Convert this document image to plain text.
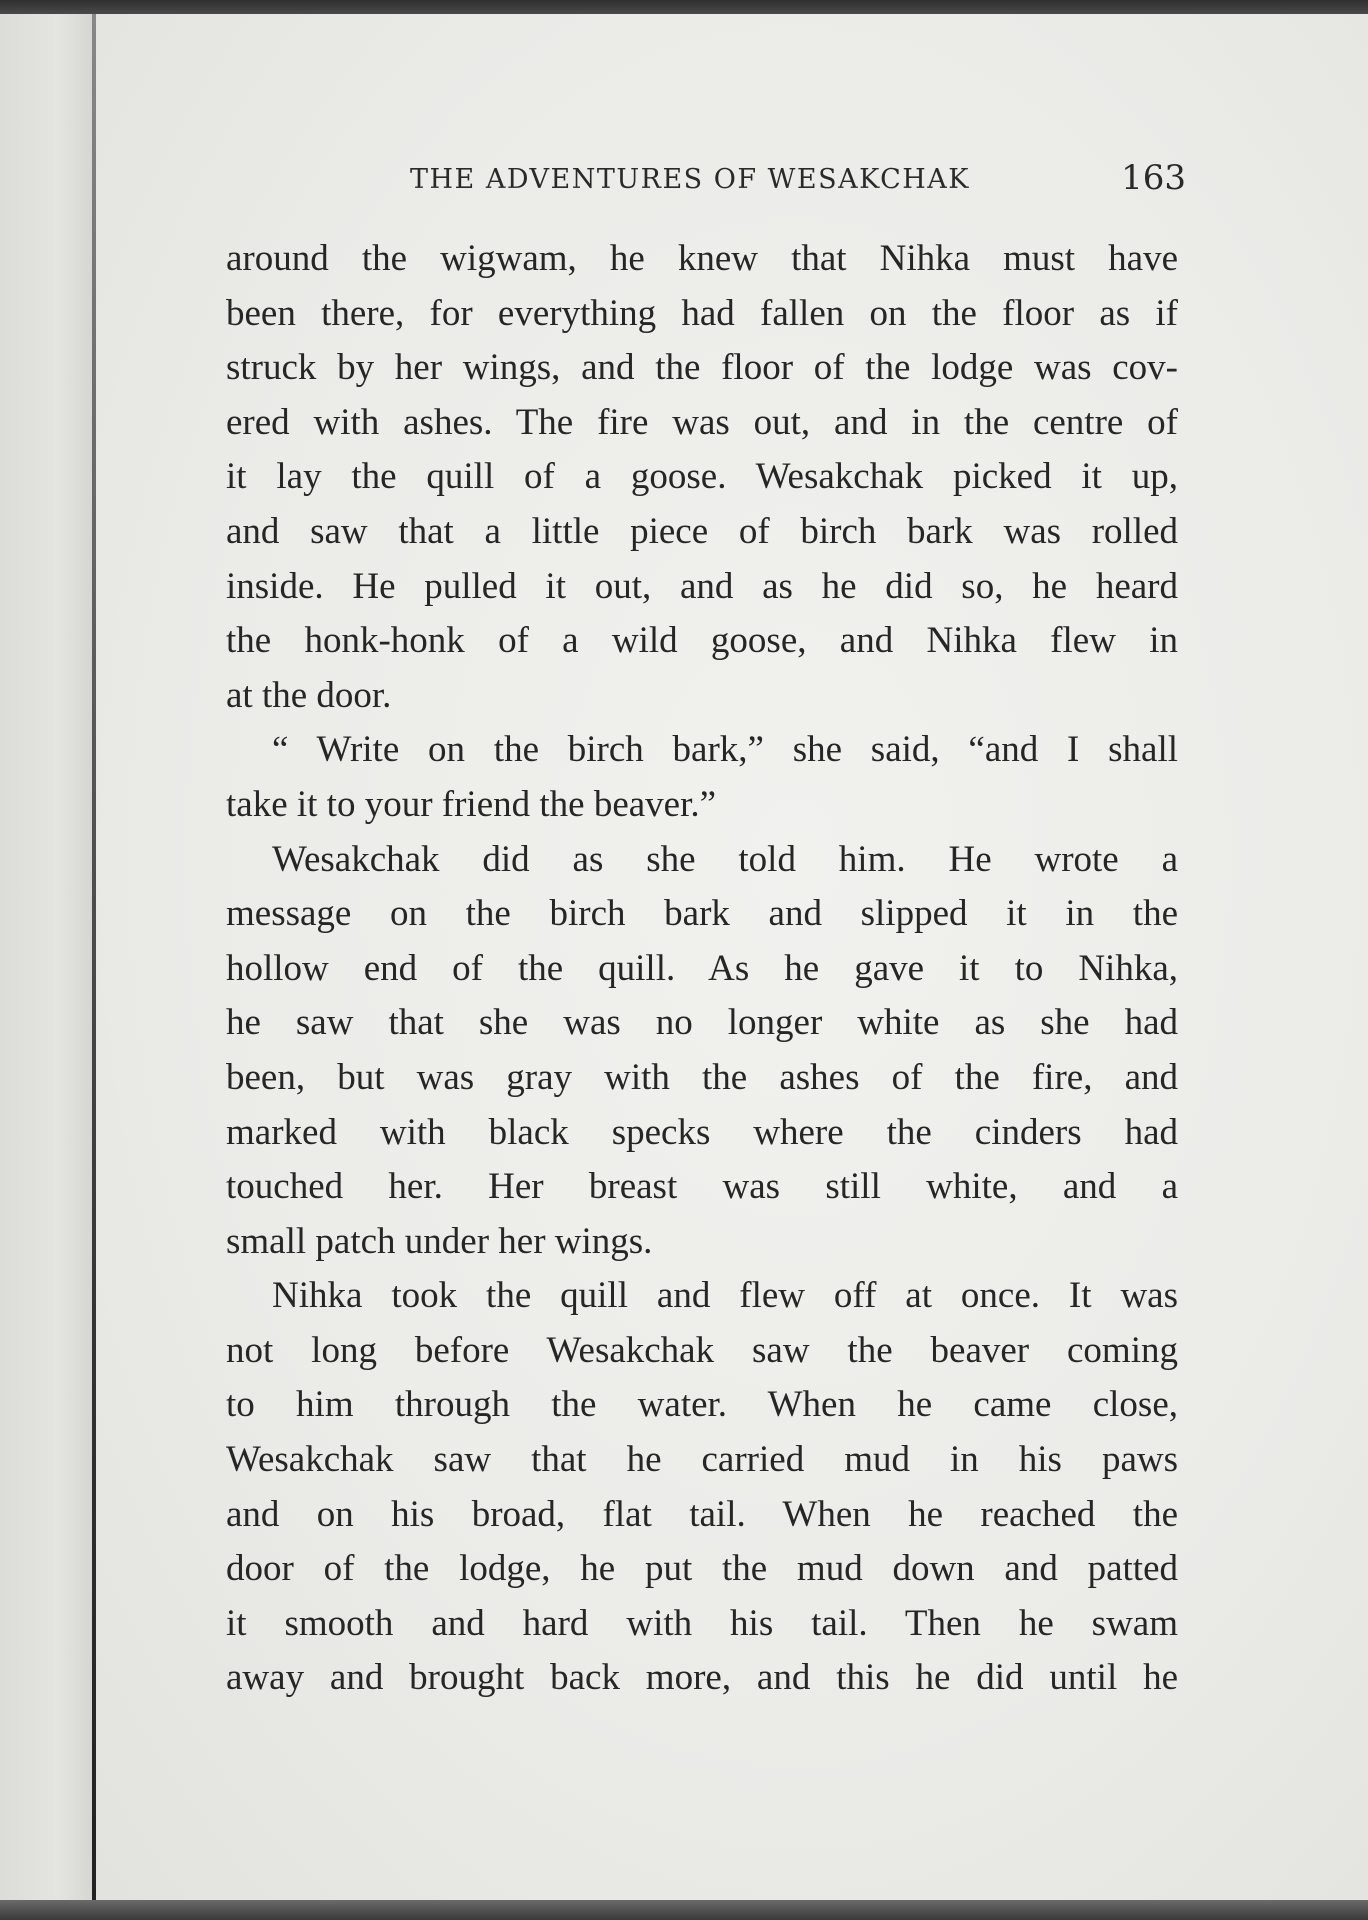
THE ADVENTURES OF WESAKCHAK	163
around the wigwam, he knew that Nihka must have
been there, for everything had fallen on the floor as if
struck by her wings, and the floor of the lodge was cov-
ered with ashes. The fire was out, and in the centre of
it lay the quill of a goose. Wesakchak picked it up,
and saw that a little piece of birch bark was rolled
inside. He pulled it out, and as he did so, he heard
the honk-honk of a wild goose, and Nihka flew in
at the door.
“ Write on the birch bark,” she said, “and I shall
take it to your friend the beaver.”
Wesakchak did as she told him. He wrote a
message on the birch bark and slipped it in the
hollow end of the quill. As he gave it to Nihka,
he saw that she was no longer white as she had
been, but was gray with the ashes of the fire, and
marked with black specks where the cinders had
touched her. Her breast was still white, and a
small patch under her wings.
Nihka took the quill and flew off at once. It was
not long before Wesakchak saw the beaver coming
to him through the water. When he came close,
Wesakchak saw that he carried mud in his paws
and on his broad, flat tail. When he reached the
door of the lodge, he put the mud down and patted
it smooth and hard with his tail. Then he swam
away and brought back more, and this he did until he
